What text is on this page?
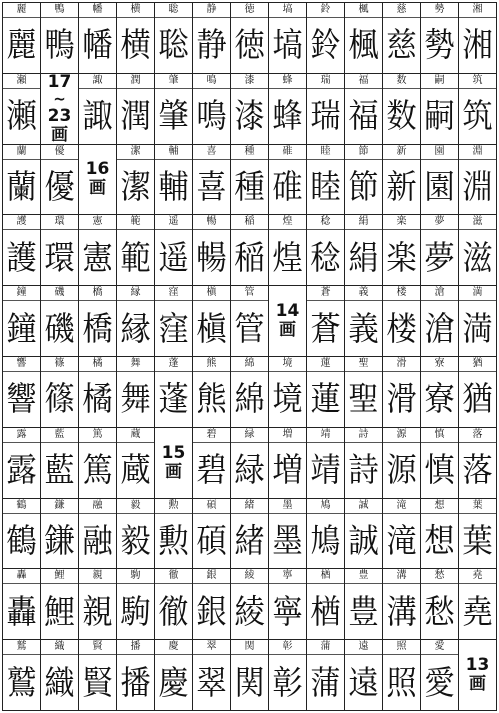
麗
麗
鴨
鴨
幡
幡
横
横
聡
聡
静
静
徳
徳
塙
塙
鈴
鈴
楓
楓
慈
慈
勢
勢
湘
湘
瀬
瀬
17
~
23
画
諏
諏
潤
潤
肇
肇
鳴
鳴
漆
漆
蜂
蜂
瑞
瑞
福
福
数
数
嗣
嗣
筑
筑
蘭
蘭
優
優 16
画
潔
潔
輔
輔
喜
喜
種
種
碓
碓
睦
睦
節
節
新
新
園
園
淵
淵
護
護
環
環
憲
憲
範
範
遥
遥
暢
暢
稲
稲
煌
煌
稔
稔
絹
絹
楽
楽
夢
夢
滋
滋
鐘
鐘
磯
磯
橋
橋
縁
縁
窪
窪
槇
槇
管
管 14
画
蒼
蒼
義
義
楼
楼
滄
滄
満
満
響
響
篠
篠
橘
橘
舞
舞
蓬
蓬
熊
熊
綿
綿
境
境
蓮
蓮
聖
聖
滑
滑
寮
寮
猶
猶
露
露
藍
藍
篤
篤
蔵
蔵 15
画
碧
碧
緑
緑
増
増
靖
靖
詩
詩
源
源
慎
慎
落
落
鶴
鶴
鎌
鎌
融
融
毅
毅
勲
勲
碩
碩
緒
緒
墨
墨
鳩
鳩
誠
誠
滝
滝
想
想
葉
葉
轟
轟
鯉
鯉
親
親
駒
駒
徹
徹
銀
銀
綾
綾
寧
寧
楢
楢
豊
豊
溝
溝
愁
愁
堯
堯
鷲
鷲
織
織
賢
賢
播
播
慶
慶
翠
翠
関
関
彰
彰
蒲
蒲
遠
遠
照
照
愛
愛 13
画
